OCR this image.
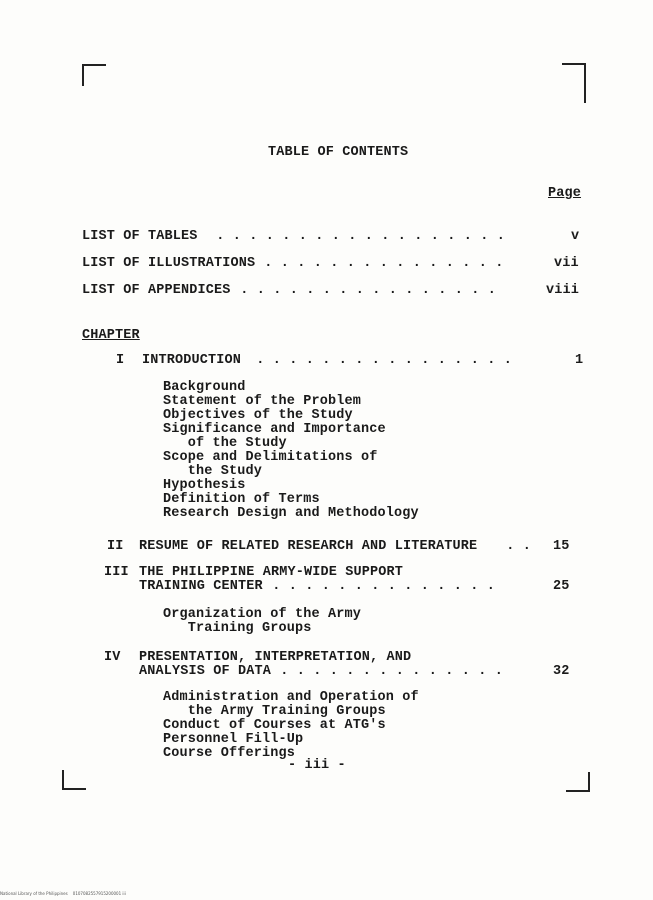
TABLE OF CONTENTS
Page
LIST OF TABLES . . . . . . . . . . . . . . . . . .	v
LIST OF ILLUSTRATIONS . . . . . . . . . . . . . . .	vii
LIST OF APPENDICES . . . . . . . . . . . . . . . .	viii
CHAPTER
I INTRODUCTION . . . . . . . . . . . . . . . .	1
Background
Statement of the Problem
Objectives of the Study
Significance and Importance
of the Study
Scope and Delimitations of
the Study
Hypothesis
Definition of Terms
Research Design and Methodology
II RESUME OF RELATED RESEARCH AND LITERATURE . . 15
III THE PHILIPPINE ARMY-WIDE SUPPORT
TRAINING CENTER . . . . . . . . . . . . . .	25
Organization of the Army
Training Groups
IV PRESENTATION, INTERPRETATION, AND
ANALYSIS OF DATA . . . . . . . . . . . . . .	32
Administration and Operation of
the Army Training Groups
Conduct of Courses at ATG's
Personnel Fill-Up
Course Offerings
- iii -
National Library of the Philippines    0107082557915200001 iii
